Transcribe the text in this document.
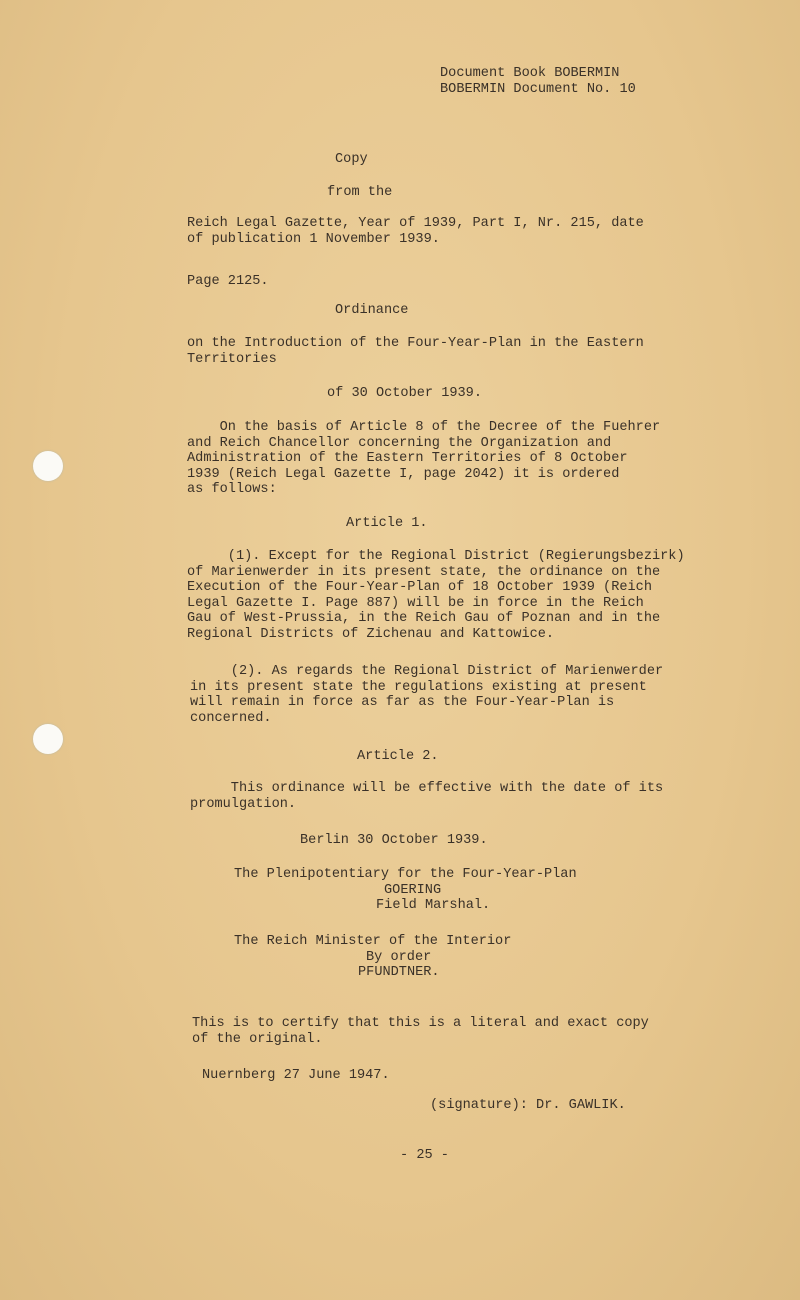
Document Book BOBERMIN
BOBERMIN Document No. 10
Copy
from the
Reich Legal Gazette, Year of 1939, Part I, Nr. 215, date
of publication 1 November 1939.
Page 2125.
Ordinance
on the Introduction of the Four-Year-Plan in the Eastern
Territories
of 30 October 1939.
On the basis of Article 8 of the Decree of the Fuehrer
and Reich Chancellor concerning the Organization and
Administration of the Eastern Territories of 8 October
1939 (Reich Legal Gazette I, page 2042) it is ordered
as follows:
Article 1.
(1). Except for the Regional District (Regierungsbezirk)
of Marienwerder in its present state, the ordinance on the
Execution of the Four-Year-Plan of 18 October 1939 (Reich
Legal Gazette I. Page 887) will be in force in the Reich
Gau of West-Prussia, in the Reich Gau of Poznan and in the
Regional Districts of Zichenau and Kattowice.
(2). As regards the Regional District of Marienwerder
in its present state the regulations existing at present
will remain in force as far as the Four-Year-Plan is
concerned.
Article 2.
This ordinance will be effective with the date of its
promulgation.
Berlin 30 October 1939.
The Plenipotentiary for the Four-Year-Plan
GOERING
Field Marshal.
The Reich Minister of the Interior
By order
PFUNDTNER.
This is to certify that this is a literal and exact copy
of the original.
Nuernberg 27 June 1947.
(signature): Dr. GAWLIK.
- 25 -
